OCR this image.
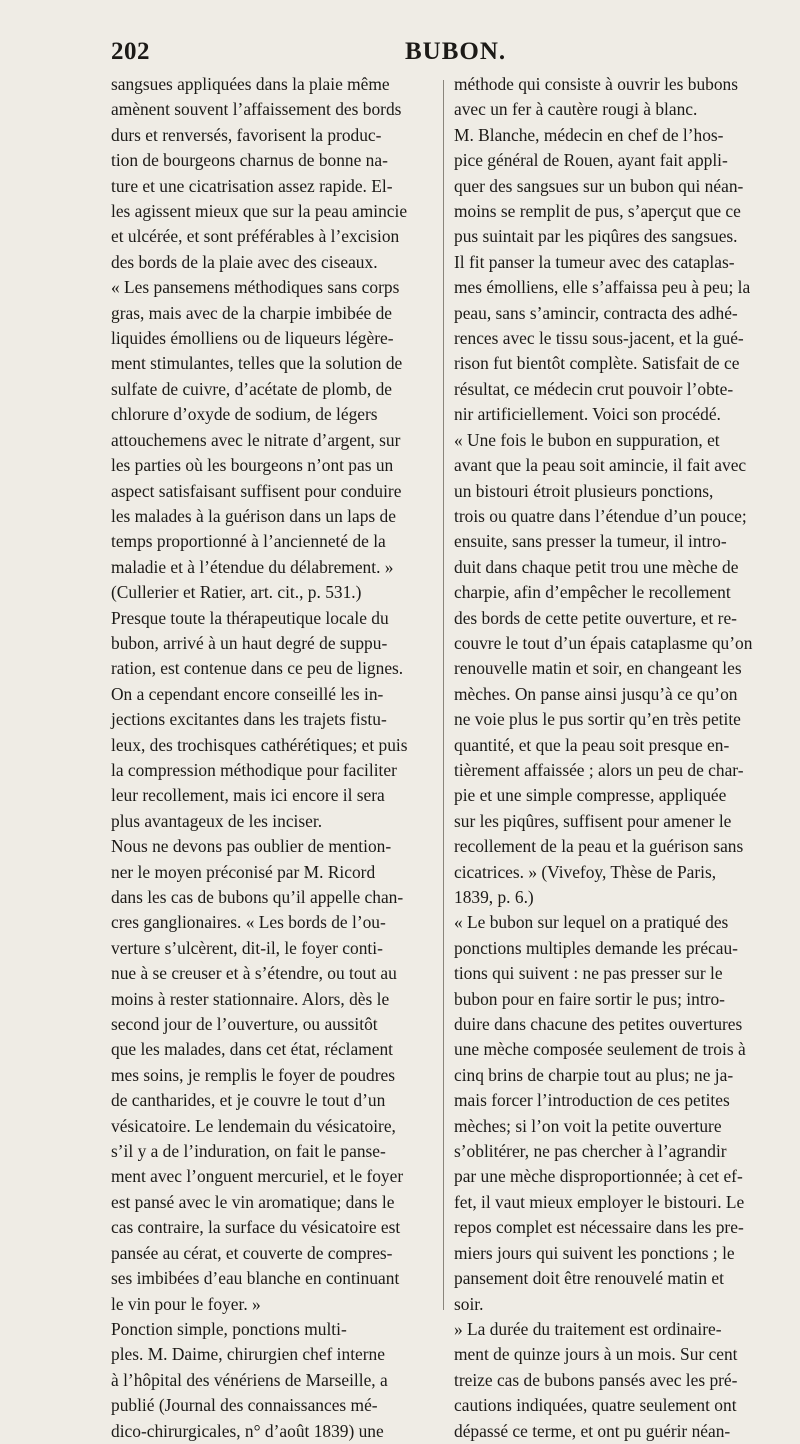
202	BUBON.
sangsues appliquées dans la plaie même
amènent souvent l’affaissement des bords
durs et renversés, favorisent la produc-
tion de bourgeons charnus de bonne na-
ture et une cicatrisation assez rapide. El-
les agissent mieux que sur la peau amincie
et ulcérée, et sont préférables à l’excision
des bords de la plaie avec des ciseaux.
« Les pansemens méthodiques sans corps
gras, mais avec de la charpie imbibée de
liquides émolliens ou de liqueurs légère-
ment stimulantes, telles que la solution de
sulfate de cuivre, d’acétate de plomb, de
chlorure d’oxyde de sodium, de légers
attouchemens avec le nitrate d’argent, sur
les parties où les bourgeons n’ont pas un
aspect satisfaisant suffisent pour conduire
les malades à la guérison dans un laps de
temps proportionné à l’ancienneté de la
maladie et à l’étendue du délabrement. »
(Cullerier et Ratier, art. cit., p. 531.)
Presque toute la thérapeutique locale du
bubon, arrivé à un haut degré de suppu-
ration, est contenue dans ce peu de lignes.
On a cependant encore conseillé les in-
jections excitantes dans les trajets fistu-
leux, des trochisques cathérétiques; et puis
la compression méthodique pour faciliter
leur recollement, mais ici encore il sera
plus avantageux de les inciser.
Nous ne devons pas oublier de mention-
ner le moyen préconisé par M. Ricord
dans les cas de bubons qu’il appelle chan-
cres ganglionaires. « Les bords de l’ou-
verture s’ulcèrent, dit-il, le foyer conti-
nue à se creuser et à s’étendre, ou tout au
moins à rester stationnaire. Alors, dès le
second jour de l’ouverture, ou aussitôt
que les malades, dans cet état, réclament
mes soins, je remplis le foyer de poudres
de cantharides, et je couvre le tout d’un
vésicatoire. Le lendemain du vésicatoire,
s’il y a de l’induration, on fait le panse-
ment avec l’onguent mercuriel, et le foyer
est pansé avec le vin aromatique; dans le
cas contraire, la surface du vésicatoire est
pansée au cérat, et couverte de compres-
ses imbibées d’eau blanche en continuant
le vin pour le foyer. »
Ponction simple, ponctions multi-
ples. M. Daime, chirurgien chef interne
à l’hôpital des vénériens de Marseille, a
publié (Journal des connaissances mé-
dico-chirurgicales, n° d’août 1839) une
méthode qui consiste à ouvrir les bubons
avec un fer à cautère rougi à blanc.
M. Blanche, médecin en chef de l’hos-
pice général de Rouen, ayant fait appli-
quer des sangsues sur un bubon qui néan-
moins se remplit de pus, s’aperçut que ce
pus suintait par les piqûres des sangsues.
Il fit panser la tumeur avec des cataplas-
mes émolliens, elle s’affaissa peu à peu; la
peau, sans s’amincir, contracta des adhé-
rences avec le tissu sous-jacent, et la gué-
rison fut bientôt complète. Satisfait de ce
résultat, ce médecin crut pouvoir l’obte-
nir artificiellement. Voici son procédé.
« Une fois le bubon en suppuration, et
avant que la peau soit amincie, il fait avec
un bistouri étroit plusieurs ponctions,
trois ou quatre dans l’étendue d’un pouce;
ensuite, sans presser la tumeur, il intro-
duit dans chaque petit trou une mèche de
charpie, afin d’empêcher le recollement
des bords de cette petite ouverture, et re-
couvre le tout d’un épais cataplasme qu’on
renouvelle matin et soir, en changeant les
mèches. On panse ainsi jusqu’à ce qu’on
ne voie plus le pus sortir qu’en très petite
quantité, et que la peau soit presque en-
tièrement affaissée ; alors un peu de char-
pie et une simple compresse, appliquée
sur les piqûres, suffisent pour amener le
recollement de la peau et la guérison sans
cicatrices. » (Vivefoy, Thèse de Paris,
1839, p. 6.)
« Le bubon sur lequel on a pratiqué des
ponctions multiples demande les précau-
tions qui suivent : ne pas presser sur le
bubon pour en faire sortir le pus; intro-
duire dans chacune des petites ouvertures
une mèche composée seulement de trois à
cinq brins de charpie tout au plus; ne ja-
mais forcer l’introduction de ces petites
mèches; si l’on voit la petite ouverture
s’oblitérer, ne pas chercher à l’agrandir
par une mèche disproportionnée; à cet ef-
fet, il vaut mieux employer le bistouri. Le
repos complet est nécessaire dans les pre-
miers jours qui suivent les ponctions ; le
pansement doit être renouvelé matin et
soir.
» La durée du traitement est ordinaire-
ment de quinze jours à un mois. Sur cent
treize cas de bubons pansés avec les pré-
cautions indiquées, quatre seulement ont
dépassé ce terme, et ont pu guérir néan-
